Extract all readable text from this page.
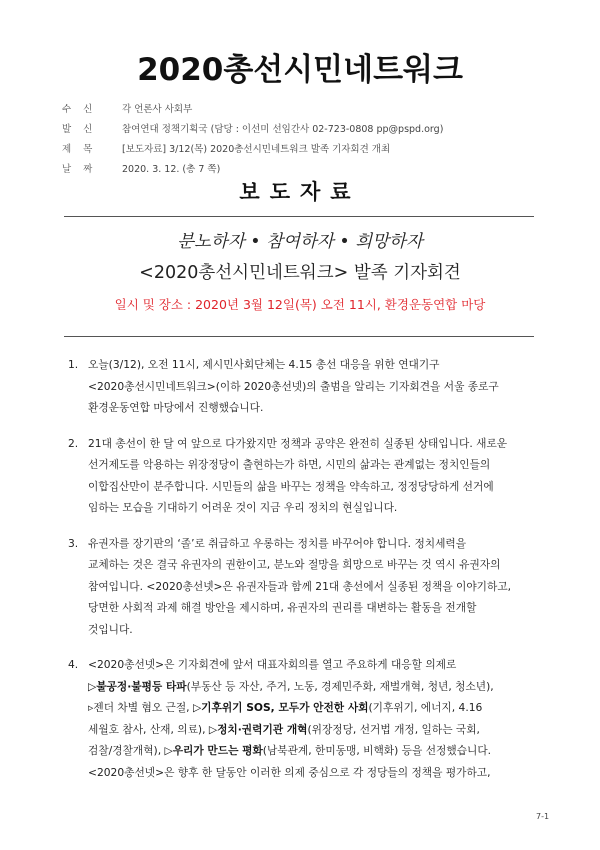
2020총선시민네트워크
수신	각 언론사 사회부
발신	참여연대 정책기획국 (담당 : 이선미 선임간사 02-723-0808 pp@pspd.org)
제목	[보도자료] 3/12(목) 2020총선시민네트워크 발족 기자회견 개최
날짜	2020. 3. 12. (총 7 쪽)
보도자료
분노하자 • 참여하자 • 희망하자
<2020총선시민네트워크> 발족 기자회견
일시 및 장소 : 2020년 3월 12일(목) 오전 11시, 환경운동연합 마당
1. 오늘(3/12), 오전 11시, 제시민사회단체는 4.15 총선 대응을 위한 연대기구
<2020총선시민네트워크>(이하 2020총선넷)의 출범을 알리는 기자회견을 서울 종로구
환경운동연합 마당에서 진행했습니다.
2. 21대 총선이 한 달 여 앞으로 다가왔지만 정책과 공약은 완전히 실종된 상태입니다. 새로운
선거제도를 악용하는 위장정당이 출현하는가 하면, 시민의 삶과는 관계없는 정치인들의
이합집산만이 분주합니다. 시민들의 삶을 바꾸는 정책을 약속하고, 정정당당하게 선거에
임하는 모습을 기대하기 어려운 것이 지금 우리 정치의 현실입니다.
3. 유권자를 장기판의 ‘졸’로 취급하고 우롱하는 정치를 바꾸어야 합니다. 정치세력을
교체하는 것은 결국 유권자의 권한이고, 분노와 절망을 희망으로 바꾸는 것 역시 유권자의
참여입니다. <2020총선넷>은 유권자들과 함께 21대 총선에서 실종된 정책을 이야기하고,
당면한 사회적 과제 해결 방안을 제시하며, 유권자의 권리를 대변하는 활동을 전개할
것입니다.
4. <2020총선넷>은 기자회견에 앞서 대표자회의를 열고 주요하게 대응할 의제로
▷불공정·불평등 타파(부동산 등 자산, 주거, 노동, 경제민주화, 재벌개혁, 청년, 청소년),
▹젠더 차별 혐오 근절, ▷기후위기 SOS, 모두가 안전한 사회(기후위기, 에너지, 4.16
세월호 참사, 산재, 의료), ▷정치·권력기관 개혁(위장정당, 선거법 개정, 일하는 국회,
검찰/경찰개혁), ▷우리가 만드는 평화(남북관계, 한미동맹, 비핵화) 등을 선정했습니다.
<2020총선넷>은 향후 한 달동안 이러한 의제 중심으로 각 정당들의 정책을 평가하고,
7-1
